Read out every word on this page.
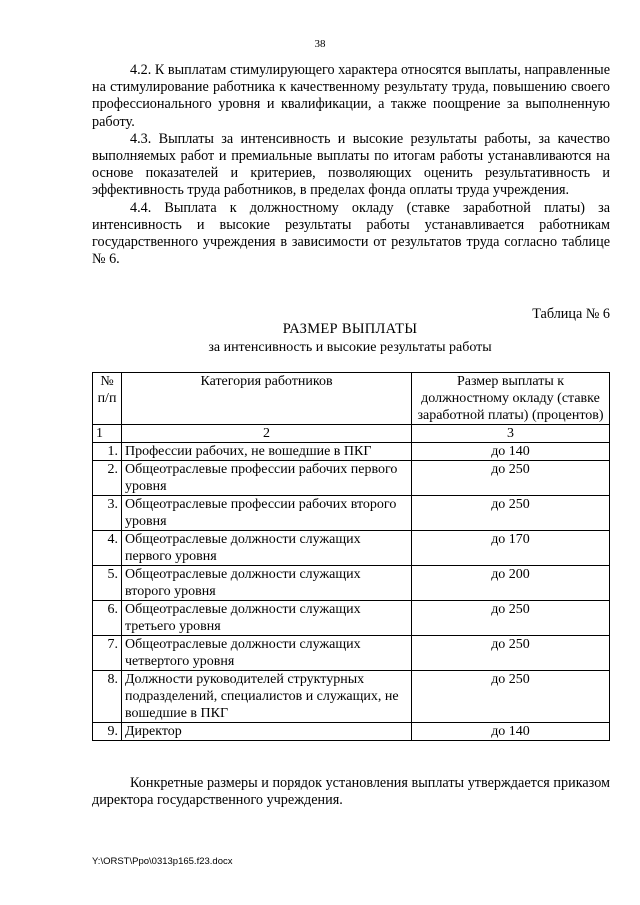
38

4.2. К выплатам стимулирующего характера относятся выплаты, направленные на стимулирование работника к качественному результату труда, повышению своего профессионального уровня и квалификации, а также поощрение за выполненную работу.

4.3. Выплаты за интенсивность и высокие результаты работы, за качество выполняемых работ и премиальные выплаты по итогам работы устанавливаются на основе показателей и критериев, позволяющих оценить результативность и эффективность труда работников, в пределах фонда оплаты труда учреждения.

4.4. Выплата к должностному окладу (ставке заработной платы) за интенсивность и высокие результаты работы устанавливается работникам государственного учреждения в зависимости от результатов труда согласно таблице № 6.

Таблица № 6
РАЗМЕР ВЫПЛАТЫ
за интенсивность и высокие результаты работы
№ п/п	Категория работников	Размер выплаты к должностному окладу (ставке заработной платы) (процентов)
1	2	3
1.	Профессии рабочих, не вошедшие в ПКГ	до 140
2.	Общеотраслевые профессии рабочих первого уровня	до 250
3.	Общеотраслевые профессии рабочих второго уровня	до 250
4.	Общеотраслевые должности служащих первого уровня	до 170
5.	Общеотраслевые должности служащих второго уровня	до 200
6.	Общеотраслевые должности служащих третьего уровня	до 250
7.	Общеотраслевые должности служащих четвертого уровня	до 250
8.	Должности руководителей структурных подразделений, специалистов и служащих, не вошедшие в ПКГ	до 250
9.	Директор	до 140

Конкретные размеры и порядок установления выплаты утверждается приказом директора государственного учреждения.

Y:\ORST\Ppo\0313p165.f23.docx
